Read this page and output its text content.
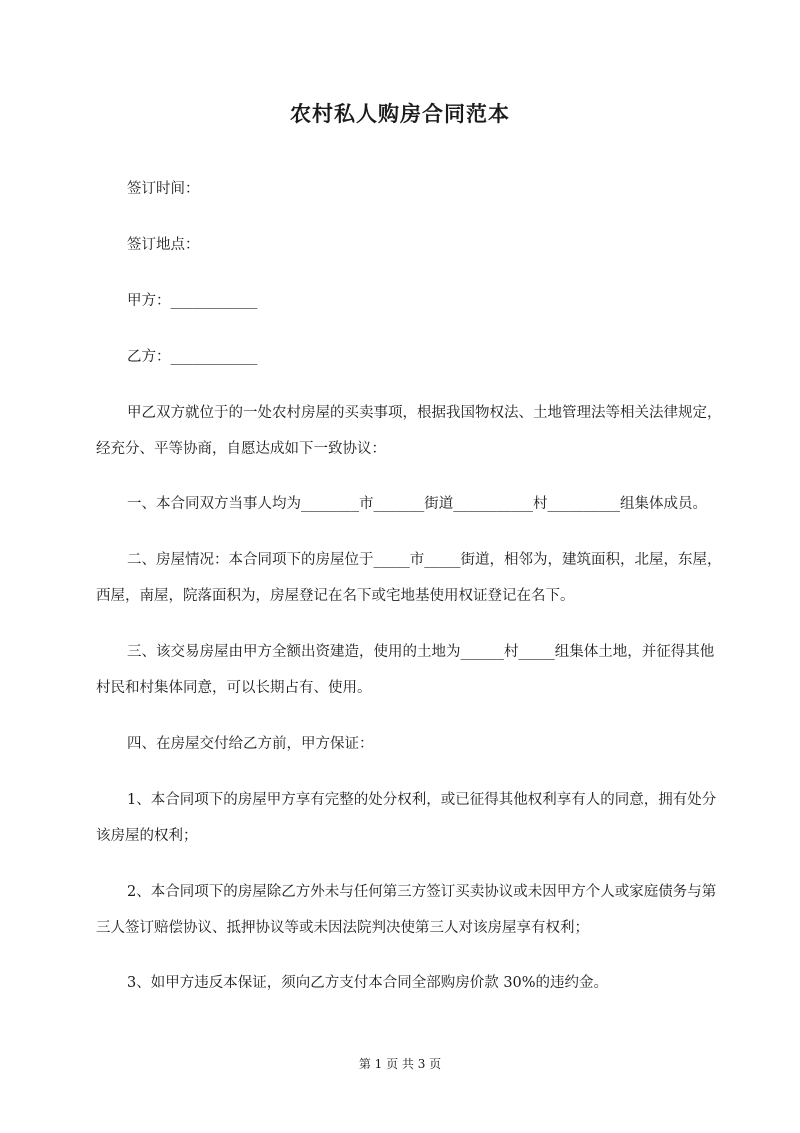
农村私人购房合同范本

签订时间：

签订地点：

甲方：____________

乙方：____________

甲乙双方就位于的一处农村房屋的买卖事项，根据我国物权法、土地管理法等相关法律规定，

经充分、平等协商，自愿达成如下一致协议：

一、本合同双方当事人均为________市_______街道___________村__________组集体成员。

二、房屋情况：本合同项下的房屋位于_____市_____街道，相邻为，建筑面积，北屋，东屋，

西屋，南屋，院落面积为，房屋登记在名下或宅地基使用权证登记在名下。

三、该交易房屋由甲方全额出资建造，使用的土地为______村_____组集体土地，并征得其他

村民和村集体同意，可以长期占有、使用。

四、在房屋交付给乙方前，甲方保证：

1、本合同项下的房屋甲方享有完整的处分权利，或已征得其他权利享有人的同意，拥有处分

该房屋的权利；

2、本合同项下的房屋除乙方外未与任何第三方签订买卖协议或未因甲方个人或家庭债务与第

三人签订赔偿协议、抵押协议等或未因法院判决使第三人对该房屋享有权利；

3、如甲方违反本保证，须向乙方支付本合同全部购房价款 30%的违约金。

第 1 页 共 3 页
